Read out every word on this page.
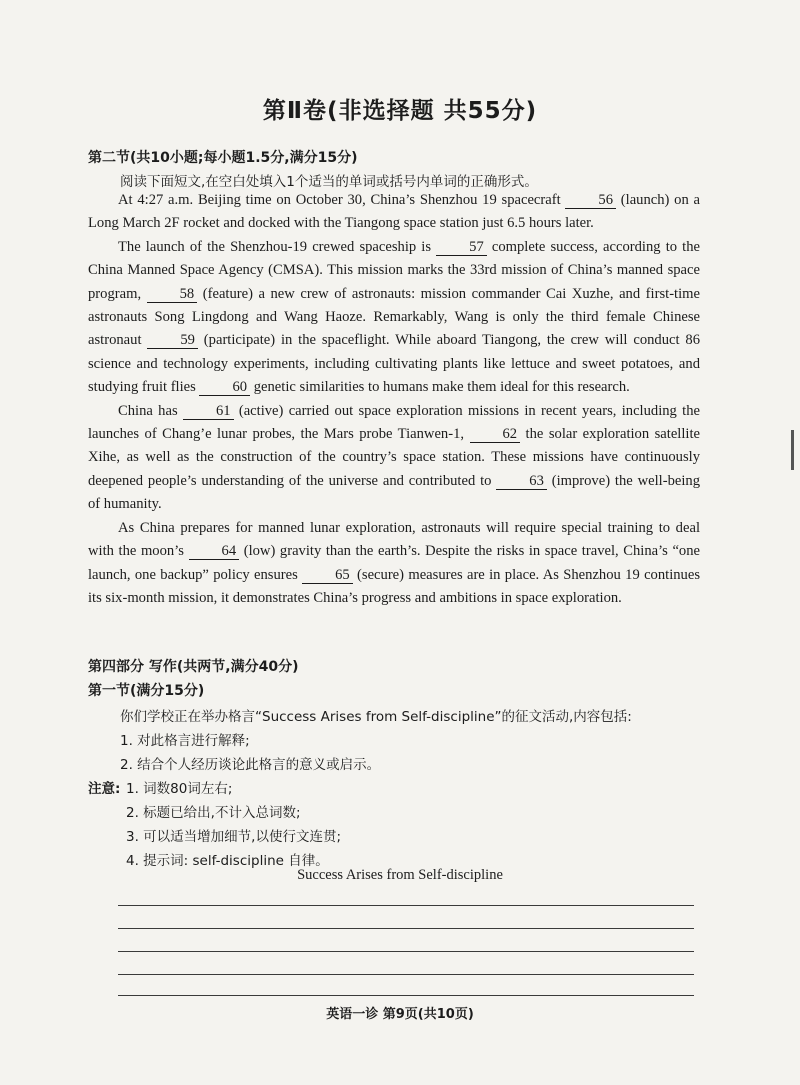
第Ⅱ卷(非选择题 共55分)
第二节(共10小题;每小题1.5分,满分15分)
阅读下面短文,在空白处填入1个适当的单词或括号内单词的正确形式。

At 4:27 a.m. Beijing time on October 30, China’s Shenzhou 19 spacecraft 56 (launch) on a Long March 2F rocket and docked with the Tiangong space station just 6.5 hours later.

The launch of the Shenzhou-19 crewed spaceship is 57 complete success, according to the China Manned Space Agency (CMSA). This mission marks the 33rd mission of China’s manned space program, 58 (feature) a new crew of astronauts: mission commander Cai Xuzhe, and first-time astronauts Song Lingdong and Wang Haoze. Remarkably, Wang is only the third female Chinese astronaut 59 (participate) in the spaceflight. While aboard Tiangong, the crew will conduct 86 science and technology experiments, including cultivating plants like lettuce and sweet potatoes, and studying fruit flies 60 genetic similarities to humans make them ideal for this research.

China has 61 (active) carried out space exploration missions in recent years, including the launches of Chang’e lunar probes, the Mars probe Tianwen-1, 62 the solar exploration satellite Xihe, as well as the construction of the country’s space station. These missions have continuously deepened people’s understanding of the universe and contributed to 63 (improve) the well-being of humanity.

As China prepares for manned lunar exploration, astronauts will require special training to deal with the moon’s 64 (low) gravity than the earth’s. Despite the risks in space travel, China’s “one launch, one backup” policy ensures 65 (secure) measures are in place. As Shenzhou 19 continues its six-month mission, it demonstrates China’s progress and ambitions in space exploration.

第四部分 写作(共两节,满分40分)
第一节(满分15分)
你们学校正在举办格言“Success Arises from Self-discipline”的征文活动,内容包括:
1. 对此格言进行解释;
2. 结合个人经历谈论此格言的意义或启示。
注意: 1. 词数80词左右;
2. 标题已给出,不计入总词数;
3. 可以适当增加细节,以使行文连贯;
4. 提示词: self-discipline 自律。
Success Arises from Self-discipline
英语一诊 第9页(共10页)
